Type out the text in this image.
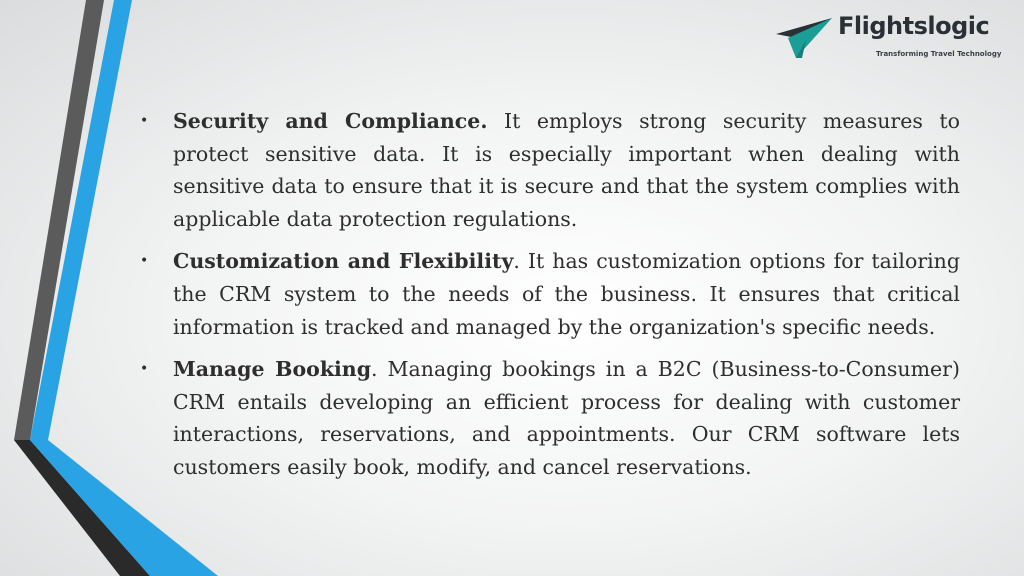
Flightslogic
Transforming Travel Technology
• Security and Compliance. It employs strong security measures to protect sensitive data. It is especially important when dealing with sensitive data to ensure that it is secure and that the system complies with applicable data protection regulations.
• Customization and Flexibility. It has customization options for tailoring the CRM system to the needs of the business. It ensures that critical information is tracked and managed by the organization's specific needs.
• Manage Booking. Managing bookings in a B2C (Business-to-Consumer) CRM entails developing an efficient process for dealing with customer interactions, reservations, and appointments. Our CRM software lets customers easily book, modify, and cancel reservations.
